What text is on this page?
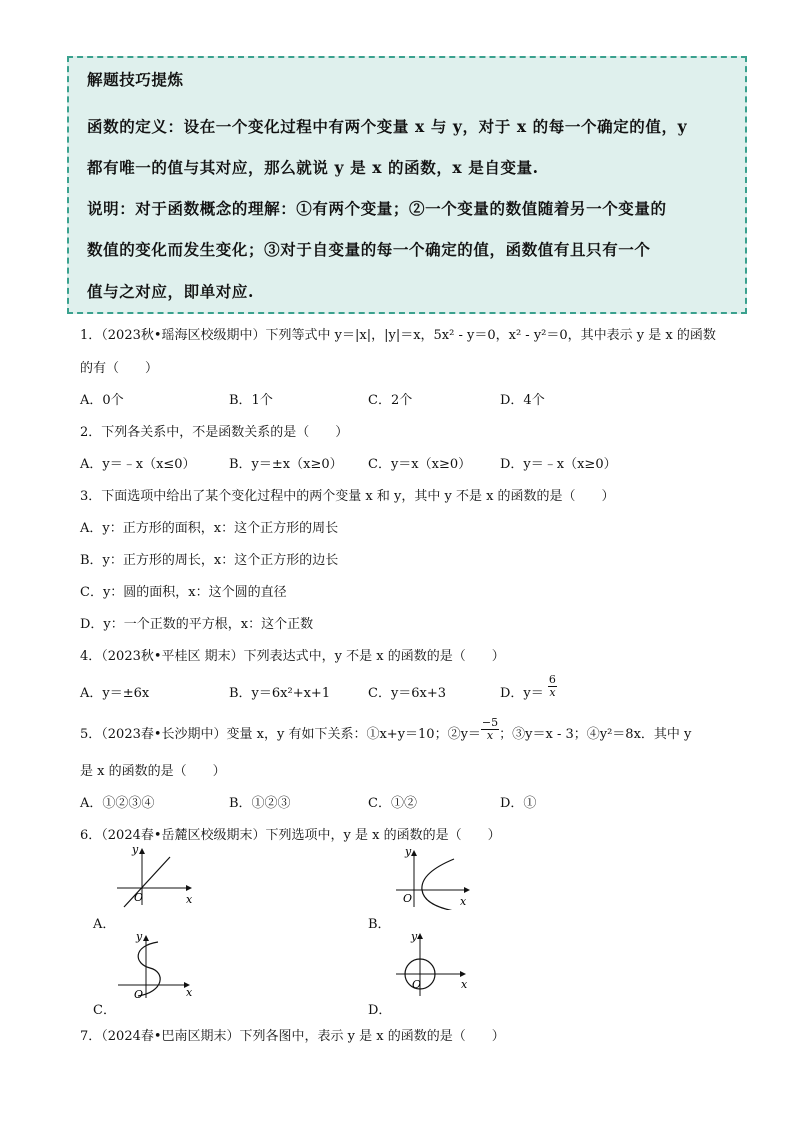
解题技巧提炼
函数的定义：设在一个变化过程中有两个变量 x 与 y，对于 x 的每一个确定的值，y
都有唯一的值与其对应，那么就说 y 是 x 的函数，x 是自变量.
说明：对于函数概念的理解：①有两个变量；②一个变量的数值随着另一个变量的
数值的变化而发生变化；③对于自变量的每一个确定的值，函数值有且只有一个
值与之对应，即单对应.
1．（2023秋•瑶海区校级期中）下列等式中 y＝|x|，|y|＝x，5x² - y＝0，x² - y²＝0，其中表示 y 是 x 的函数
的有（　　）
A．0个	B．1个	C．2个	D．4个
2．下列各关系中，不是函数关系的是（　　）
A．y＝﹣x（x≤0）	B．y＝±x（x≥0） C．y＝x（x≥0） D．y＝﹣x（x≥0）
3．下面选项中给出了某个变化过程中的两个变量 x 和 y，其中 y 不是 x 的函数的是（　　）
A．y：正方形的面积，x：这个正方形的周长
B．y：正方形的周长，x：这个正方形的边长
C．y：圆的面积，x：这个圆的直径
D．y：一个正数的平方根，x：这个正数
4．（2023秋•平桂区 期末）下列表达式中，y 不是 x 的函数的是（　　）
A．y＝±6x	B．y＝6x²+x+1	C．y＝6x+3	D．$y= \frac{6}{x}$
5．（2023春•长沙期中）变量 x，y 有如下关系：①x+y＝10；②y＝ $\frac{-5}{x}$ ；③y＝x - 3；④y²＝8x．其中 y
是 x 的函数的是（　　）
A．①②③④	B．①②③	C．①②	D．①
6．（2024春•岳麓区校级期末）下列选项中，y 是 x 的函数的是（　　）
A．
y
x
O
B．
y
x
O
C．
y
x
O
D．
y
x
O
7．（2024春•巴南区期末）下列各图中，表示 y 是 x 的函数的是（　　）
